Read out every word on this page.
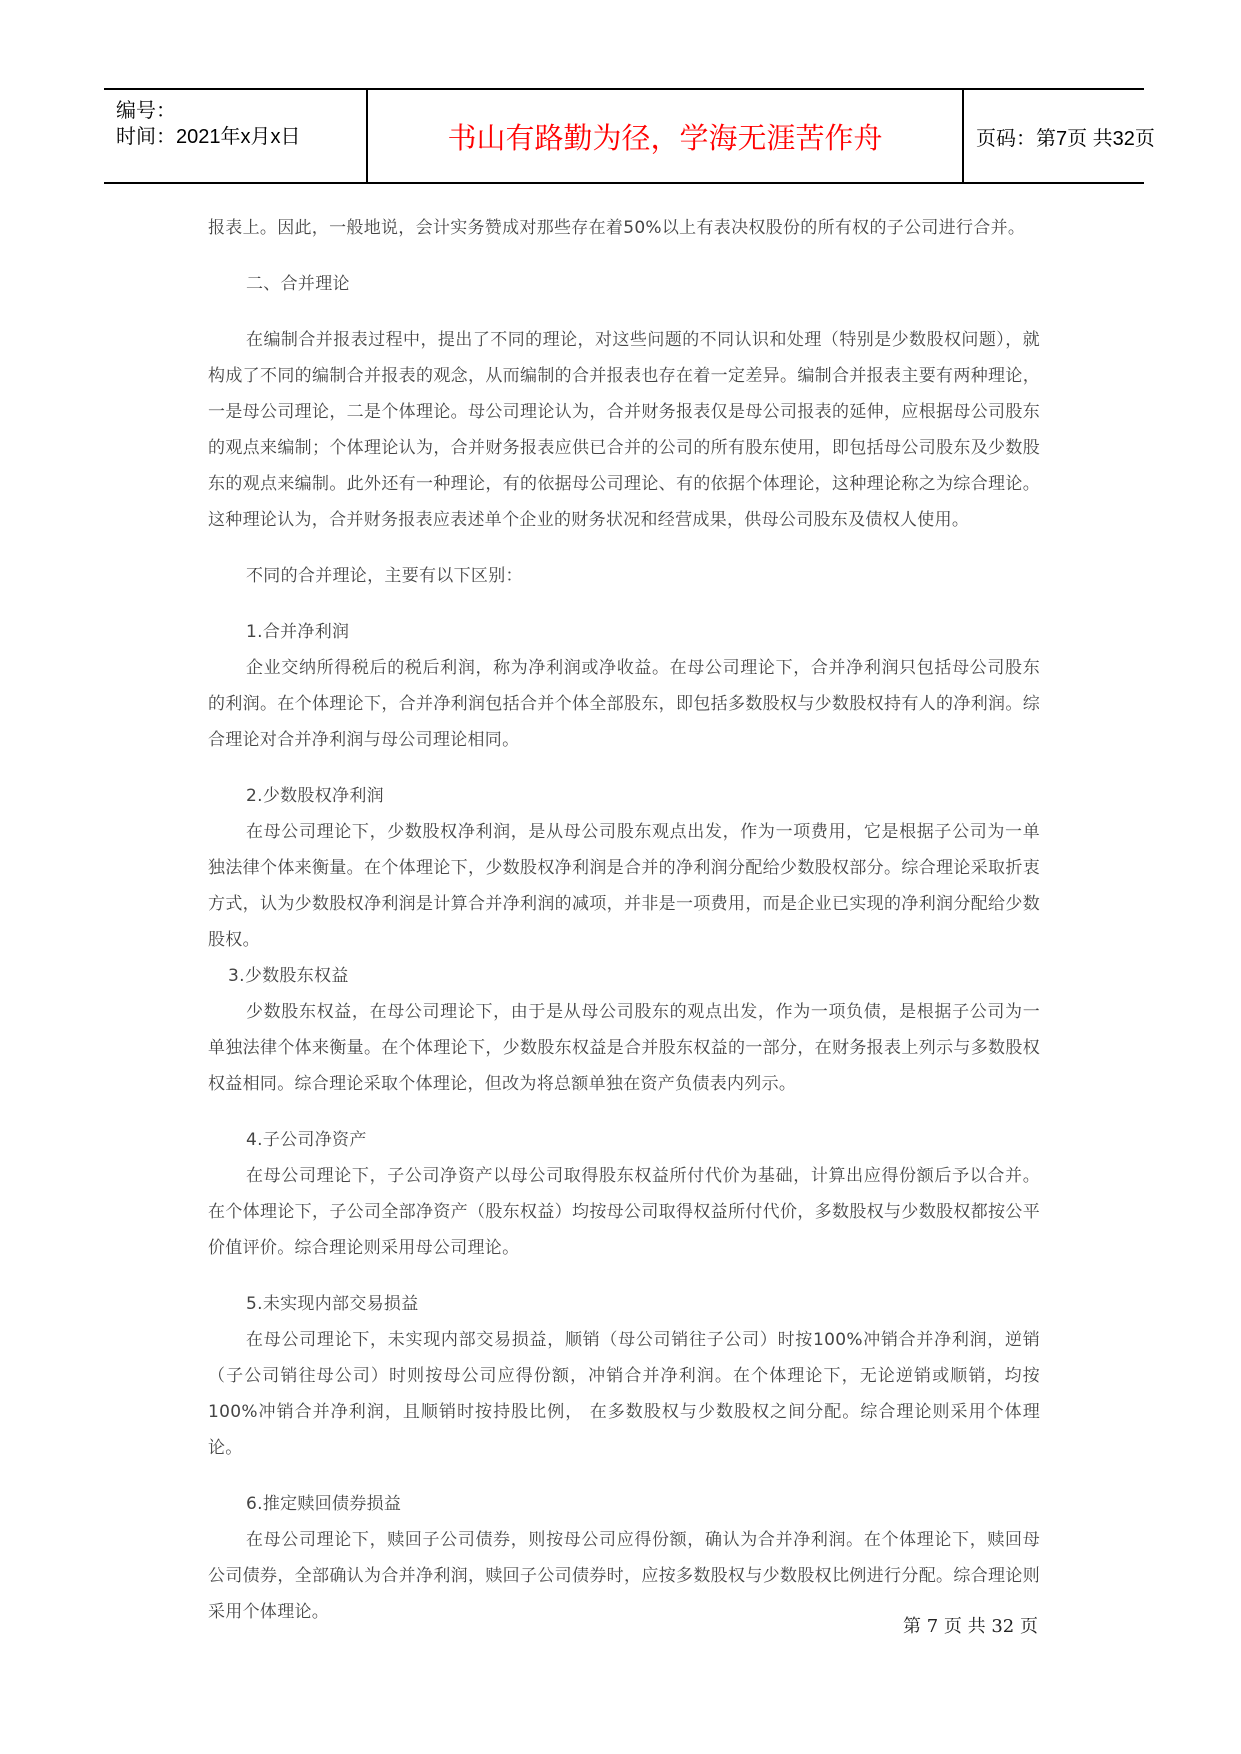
编号：
时间：2021年x月x日	书山有路勤为径，学海无涯苦作舟	页码：第7页 共32页

报表上。因此，一般地说，会计实务赞成对那些存在着50%以上有表决权股份的所有权的子公司进行合并。

二、合并理论

在编制合并报表过程中，提出了不同的理论，对这些问题的不同认识和处理（特别是少数股权问题），就构成了不同的编制合并报表的观念，从而编制的合并报表也存在着一定差异。编制合并报表主要有两种理论，一是母公司理论，二是个体理论。母公司理论认为，合并财务报表仅是母公司报表的延伸，应根据母公司股东的观点来编制；个体理论认为，合并财务报表应供已合并的公司的所有股东使用，即包括母公司股东及少数股东的观点来编制。此外还有一种理论，有的依据母公司理论、有的依据个体理论，这种理论称之为综合理论。这种理论认为，合并财务报表应表述单个企业的财务状况和经营成果，供母公司股东及债权人使用。

不同的合并理论，主要有以下区别：

1.合并净利润

企业交纳所得税后的税后利润，称为净利润或净收益。在母公司理论下，合并净利润只包括母公司股东的利润。在个体理论下，合并净利润包括合并个体全部股东，即包括多数股权与少数股权持有人的净利润。综合理论对合并净利润与母公司理论相同。

2.少数股权净利润

在母公司理论下，少数股权净利润，是从母公司股东观点出发，作为一项费用，它是根据子公司为一单独法律个体来衡量。在个体理论下，少数股权净利润是合并的净利润分配给少数股权部分。综合理论采取折衷方式，认为少数股权净利润是计算合并净利润的减项，并非是一项费用，而是企业已实现的净利润分配给少数股权。

3.少数股东权益

少数股东权益，在母公司理论下，由于是从母公司股东的观点出发，作为一项负债，是根据子公司为一单独法律个体来衡量。在个体理论下，少数股东权益是合并股东权益的一部分，在财务报表上列示与多数股权权益相同。综合理论采取个体理论，但改为将总额单独在资产负债表内列示。

4.子公司净资产

在母公司理论下，子公司净资产以母公司取得股东权益所付代价为基础，计算出应得份额后予以合并。在个体理论下，子公司全部净资产（股东权益）均按母公司取得权益所付代价，多数股权与少数股权都按公平价值评价。综合理论则采用母公司理论。

5.未实现内部交易损益

在母公司理论下，未实现内部交易损益，顺销（母公司销往子公司）时按100%冲销合并净利润，逆销（子公司销往母公司）时则按母公司应得份额，冲销合并净利润。在个体理论下，无论逆销或顺销，均按100%冲销合并净利润，且顺销时按持股比例， 在多数股权与少数股权之间分配。综合理论则采用个体理论。

6.推定赎回债券损益

在母公司理论下，赎回子公司债券，则按母公司应得份额，确认为合并净利润。在个体理论下，赎回母公司债券，全部确认为合并净利润，赎回子公司债券时，应按多数股权与少数股权比例进行分配。综合理论则采用个体理论。

第 7 页 共 32 页
